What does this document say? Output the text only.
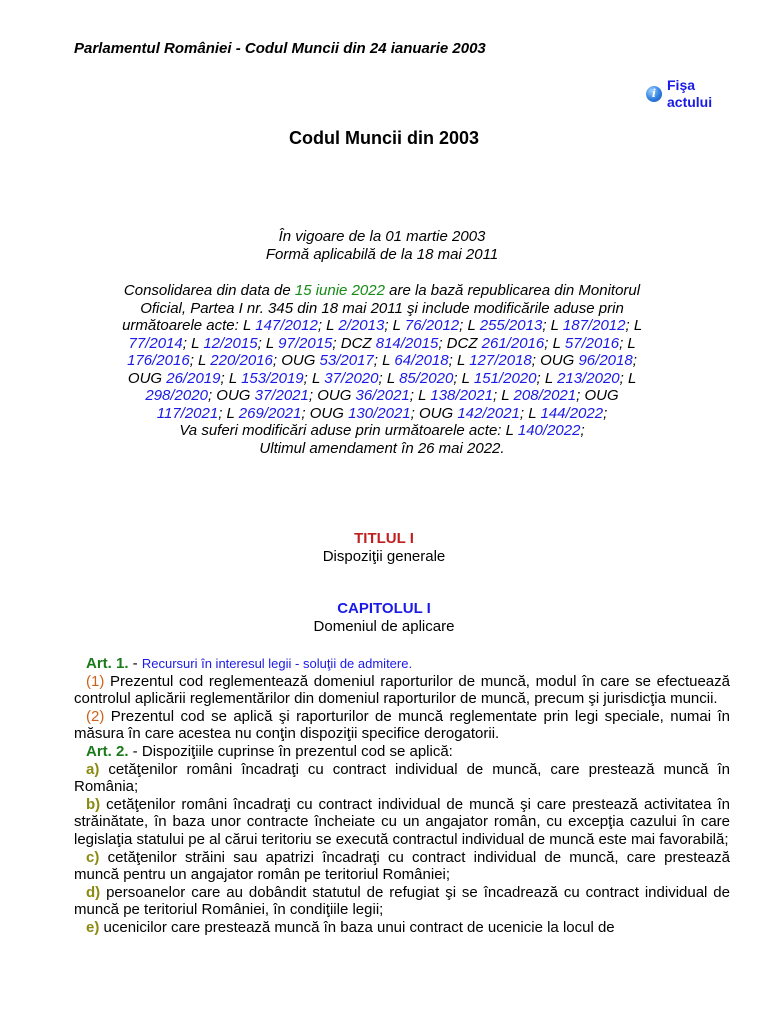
Parlamentul României - Codul Muncii din 24 ianuarie 2003
i
Fişa
actului
Codul Muncii din 2003
În vigoare de la 01 martie 2003
Formă aplicabilă de la 18 mai 2011
Consolidarea din data de 15 iunie 2022 are la bază republicarea din Monitorul Oficial, Partea I nr. 345 din 18 mai 2011 şi include modificările aduse prin următoarele acte: L 147/2012; L 2/2013; L 76/2012; L 255/2013; L 187/2012; L 77/2014; L 12/2015; L 97/2015; DCZ 814/2015; DCZ 261/2016; L 57/2016; L 176/2016; L 220/2016; OUG 53/2017; L 64/2018; L 127/2018; OUG 96/2018; OUG 26/2019; L 153/2019; L 37/2020; L 85/2020; L 151/2020; L 213/2020; L 298/2020; OUG 37/2021; OUG 36/2021; L 138/2021; L 208/2021; OUG 117/2021; L 269/2021; OUG 130/2021; OUG 142/2021; L 144/2022;
Va suferi modificări aduse prin următoarele acte: L 140/2022;
Ultimul amendament în 26 mai 2022.
TITLUL I
Dispoziţii generale
CAPITOLUL I
Domeniul de aplicare

Art. 1. - Recursuri în interesul legii - soluţii de admitere.

(1) Prezentul cod reglementează domeniul raporturilor de muncă, modul în care se efectuează controlul aplicării reglementărilor din domeniul raporturilor de muncă, precum şi jurisdicţia muncii.

(2) Prezentul cod se aplică şi raporturilor de muncă reglementate prin legi speciale, numai în măsura în care acestea nu conţin dispoziţii specifice derogatorii.

Art. 2. - Dispoziţiile cuprinse în prezentul cod se aplică:

a) cetăţenilor români încadraţi cu contract individual de muncă, care prestează muncă în România;

b) cetăţenilor români încadraţi cu contract individual de muncă şi care prestează activitatea în străinătate, în baza unor contracte încheiate cu un angajator român, cu excepţia cazului în care legislaţia statului pe al cărui teritoriu se execută contractul individual de muncă este mai favorabilă;

c) cetăţenilor străini sau apatrizi încadraţi cu contract individual de muncă, care prestează muncă pentru un angajator român pe teritoriul României;

d) persoanelor care au dobândit statutul de refugiat şi se încadrează cu contract individual de muncă pe teritoriul României, în condiţiile legii;

e) ucenicilor care prestează muncă în baza unui contract de ucenicie la locul de
